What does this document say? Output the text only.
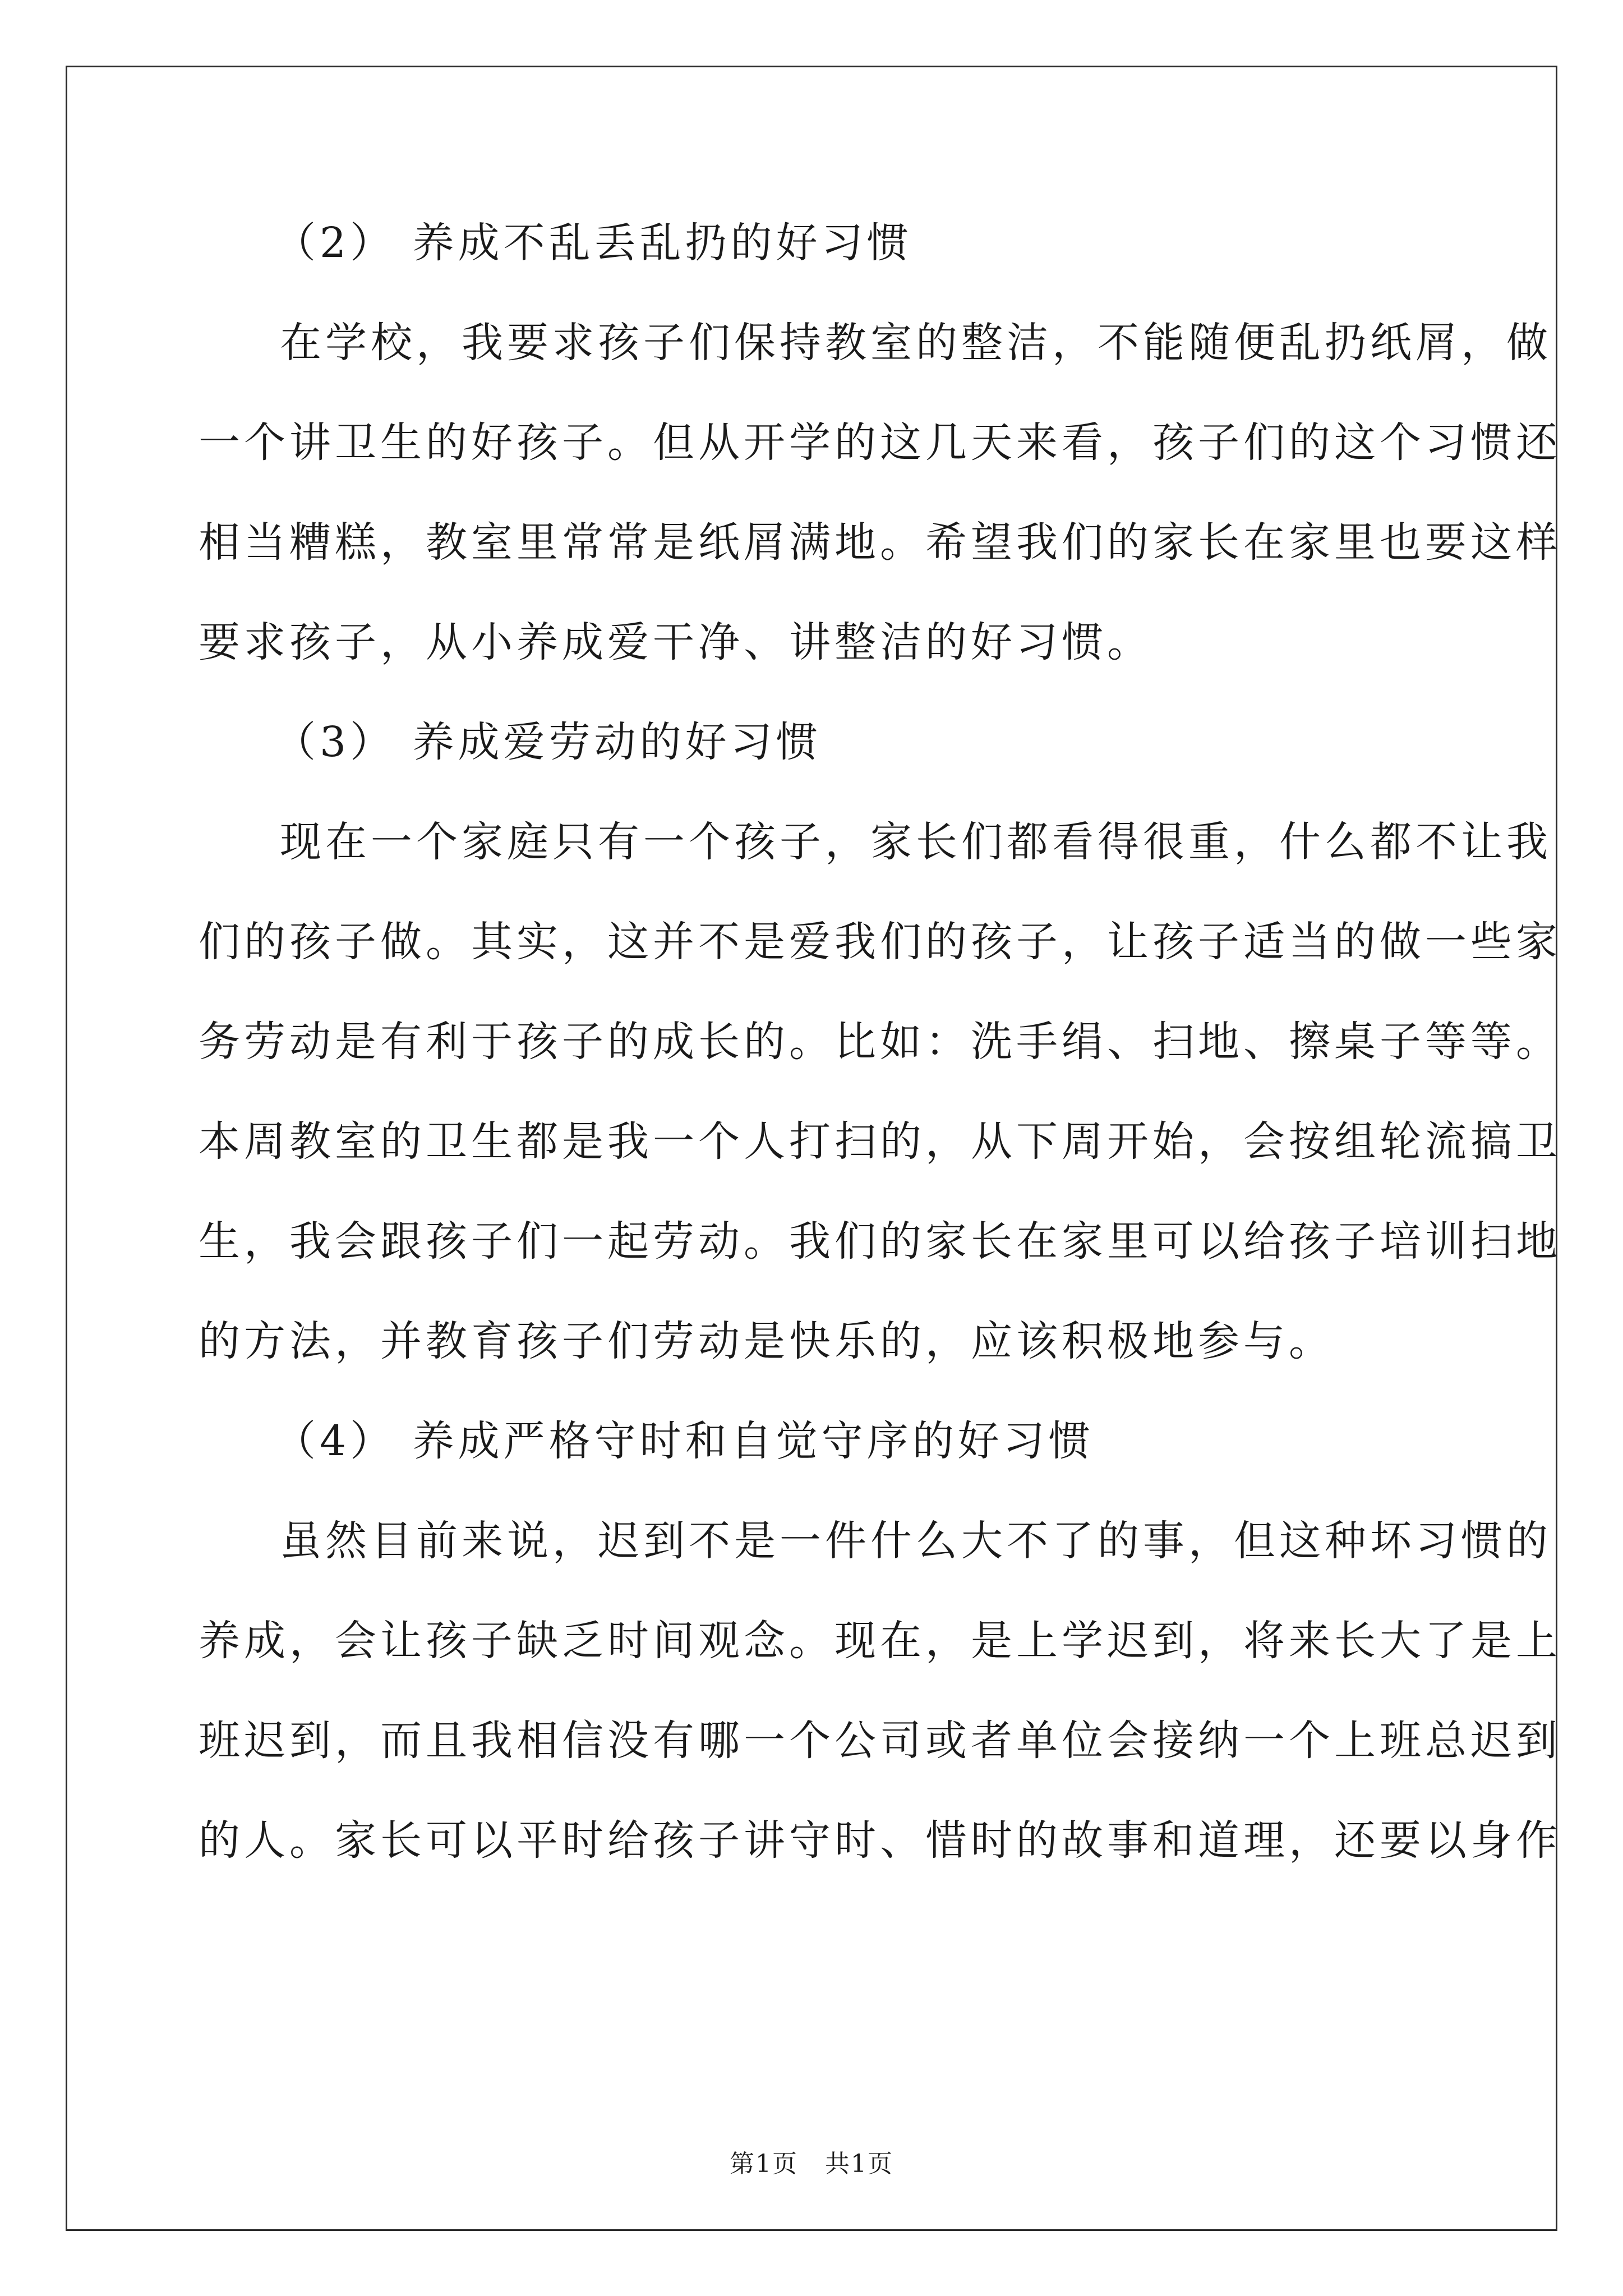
（2） 养成不乱丢乱扔的好习惯

在学校，我要求孩子们保持教室的整洁，不能随便乱扔纸屑，做

一个讲卫生的好孩子。但从开学的这几天来看，孩子们的这个习惯还

相当糟糕，教室里常常是纸屑满地。希望我们的家长在家里也要这样

要求孩子，从小养成爱干净、讲整洁的好习惯。

（3） 养成爱劳动的好习惯

现在一个家庭只有一个孩子，家长们都看得很重，什么都不让我

们的孩子做。其实，这并不是爱我们的孩子，让孩子适当的做一些家

务劳动是有利于孩子的成长的。比如：洗手绢、扫地、擦桌子等等。

本周教室的卫生都是我一个人打扫的，从下周开始，会按组轮流搞卫

生，我会跟孩子们一起劳动。我们的家长在家里可以给孩子培训扫地

的方法，并教育孩子们劳动是快乐的，应该积极地参与。

（4） 养成严格守时和自觉守序的好习惯

虽然目前来说，迟到不是一件什么大不了的事，但这种坏习惯的

养成，会让孩子缺乏时间观念。现在，是上学迟到，将来长大了是上

班迟到，而且我相信没有哪一个公司或者单位会接纳一个上班总迟到

的人。家长可以平时给孩子讲守时、惜时的故事和道理，还要以身作

第1页 共1页
